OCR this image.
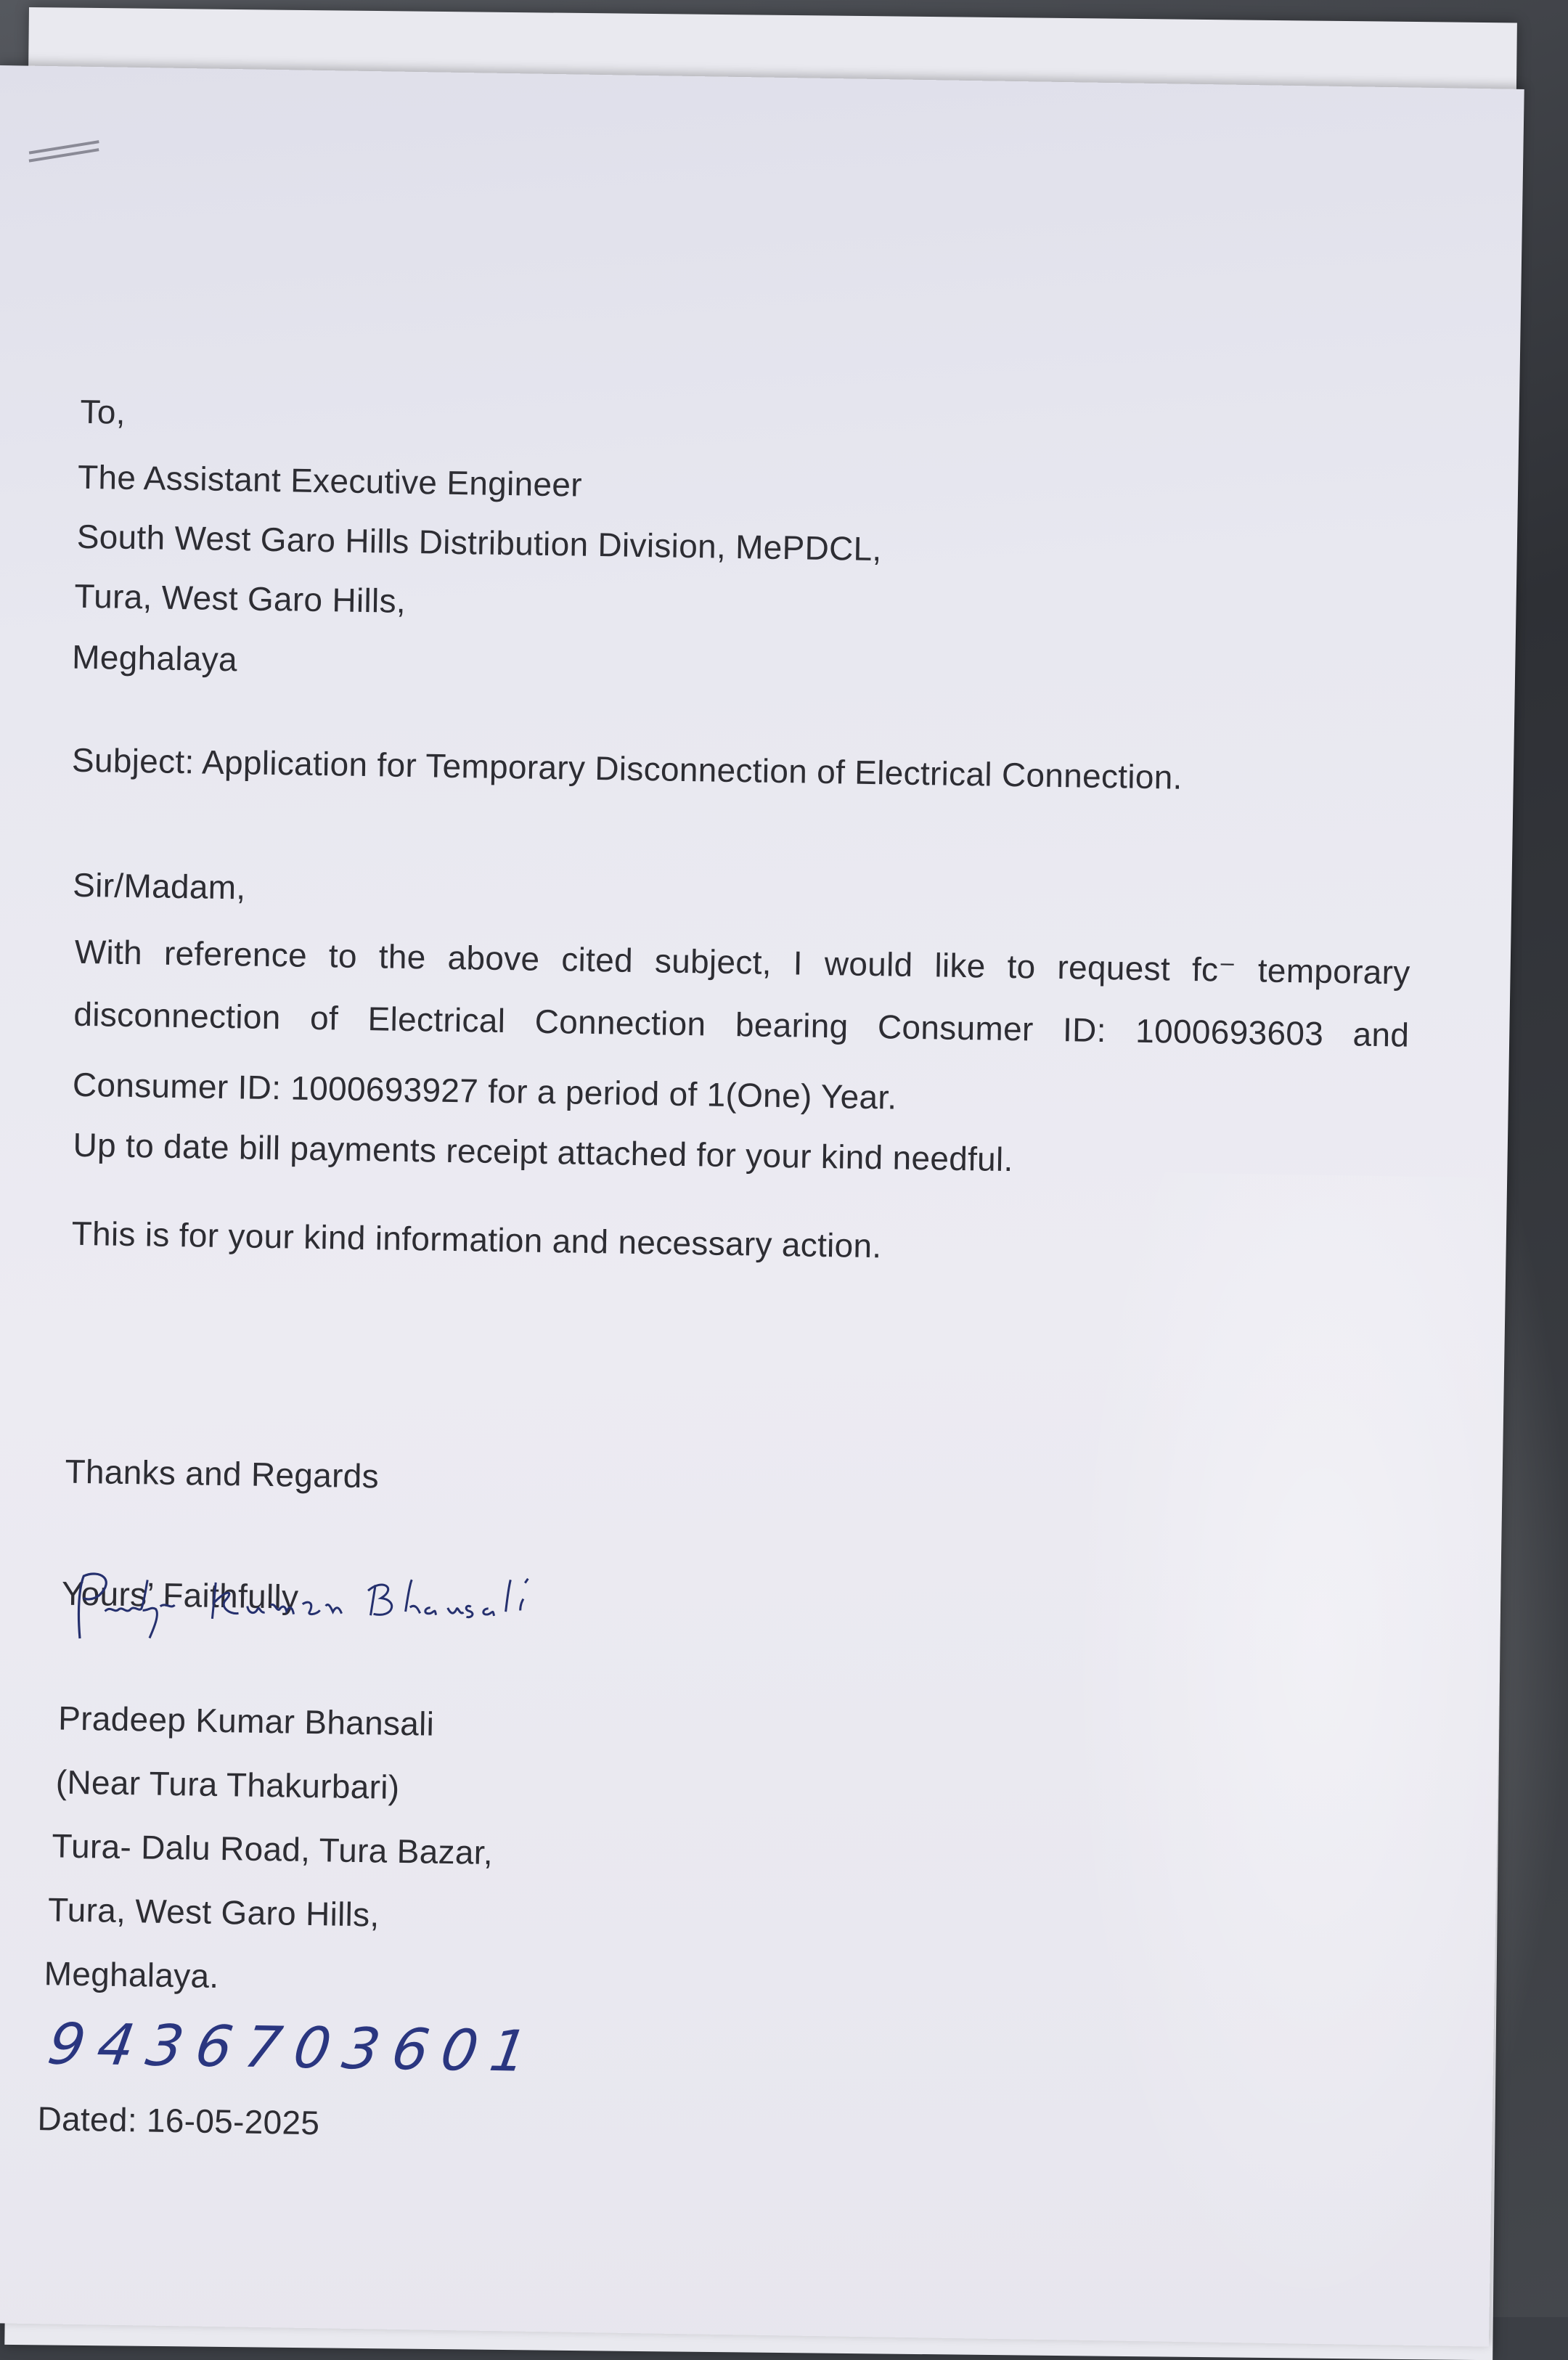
To,
The Assistant Executive Engineer
South West Garo Hills Distribution Division, MePDCL,
Tura, West Garo Hills,
Meghalaya
Subject: Application for Temporary Disconnection of Electrical Connection.
Sir/Madam,
With reference to the above cited subject, I would like to request fc⁻ temporary
disconnection of Electrical Connection bearing Consumer ID: 1000693603 and
Consumer ID: 1000693927 for a period of 1(One) Year.
Up to date bill payments receipt attached for your kind needful.
This is for your kind information and necessary action.
Thanks and Regards
Yours’ Faithfully
Pradeep Kumar Bhansali
(Near Tura Thakurbari)
Tura- Dalu Road, Tura Bazar,
Tura, West Garo Hills,
Meghalaya.
9436703601
Dated: 16-05-2025
